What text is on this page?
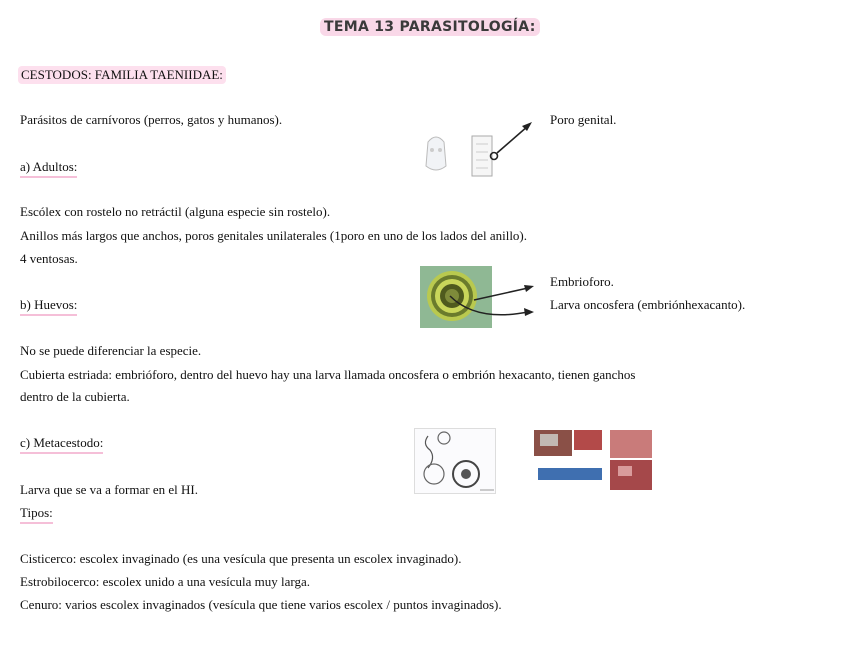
TEMA 13 PARASITOLOGÍA:
CESTODOS: FAMILIA TAENIIDAE:
Parásitos de carnívoros (perros, gatos y humanos).
a) Adultos:
Escólex con rostelo no retráctil (alguna especie sin rostelo).
Anillos más largos que anchos, poros genitales unilaterales (1poro en uno de los lados del anillo).
4 ventosas.
Poro genital.
b) Huevos:
Embrioforo.
Larva oncosfera (embriónhexacanto).
No se puede diferenciar la especie.
Cubierta estriada: embrióforo, dentro del huevo hay una larva llamada oncosfera o embrión hexacanto, tienen ganchos
dentro de la cubierta.
c) Metacestodo:
Larva que se va a formar en el HI.
Tipos:
Cisticerco: escolex invaginado (es una vesícula que presenta un escolex invaginado).
Estrobilocerco: escolex unido a una vesícula muy larga.
Cenuro: varios escolex invaginados (vesícula que tiene varios escolex / puntos invaginados).
